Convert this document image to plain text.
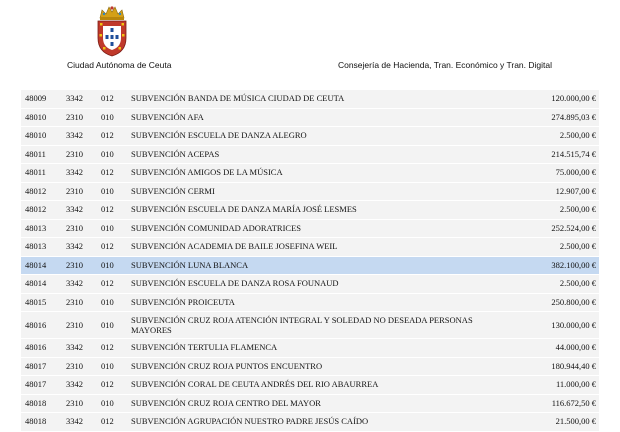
Ciudad Autónoma de Ceuta	Consejería de Hacienda, Tran. Económico y Tran. Digital
48009 3342 012 SUBVENCIÓN BANDA DE MÚSICA CIUDAD DE CEUTA	120.000,00 €
48010 2310 010 SUBVENCIÓN AFA	274.895,03 €
48010 3342 012 SUBVENCIÓN ESCUELA DE DANZA ALEGRO	2.500,00 €
48011 2310 010 SUBVENCIÓN ACEPAS	214.515,74 €
48011 3342 012 SUBVENCIÓN AMIGOS DE LA MÚSICA	75.000,00 €
48012 2310 010 SUBVENCIÓN CERMI	12.907,00 €
48012 3342 012 SUBVENCIÓN ESCUELA DE DANZA MARÍA JOSÉ LESMES	2.500,00 €
48013 2310 010 SUBVENCIÓN COMUNIDAD ADORATRICES	252.524,00 €
48013 3342 012 SUBVENCIÓN ACADEMIA DE BAILE JOSEFINA WEIL	2.500,00 €
48014 2310 010 SUBVENCIÓN LUNA BLANCA	382.100,00 €
48014 3342 012 SUBVENCIÓN ESCUELA DE DANZA ROSA FOUNAUD	2.500,00 €
48015 2310 010 SUBVENCIÓN PROICEUTA	250.800,00 €
48016 2310 010 SUBVENCIÓN CRUZ ROJA ATENCIÓN INTEGRAL Y SOLEDAD NO DESEADA PERSONAS MAYORES	130.000,00 €
48016 3342 012 SUBVENCIÓN TERTULIA FLAMENCA	44.000,00 €
48017 2310 010 SUBVENCIÓN CRUZ ROJA PUNTOS ENCUENTRO	180.944,40 €
48017 3342 012 SUBVENCIÓN CORAL DE CEUTA ANDRÉS DEL RIO ABAURREA	11.000,00 €
48018 2310 010 SUBVENCIÓN CRUZ ROJA CENTRO DEL MAYOR	116.672,50 €
48018 3342 012 SUBVENCIÓN AGRUPACIÓN NUESTRO PADRE JESÚS CAÍDO	21.500,00 €
